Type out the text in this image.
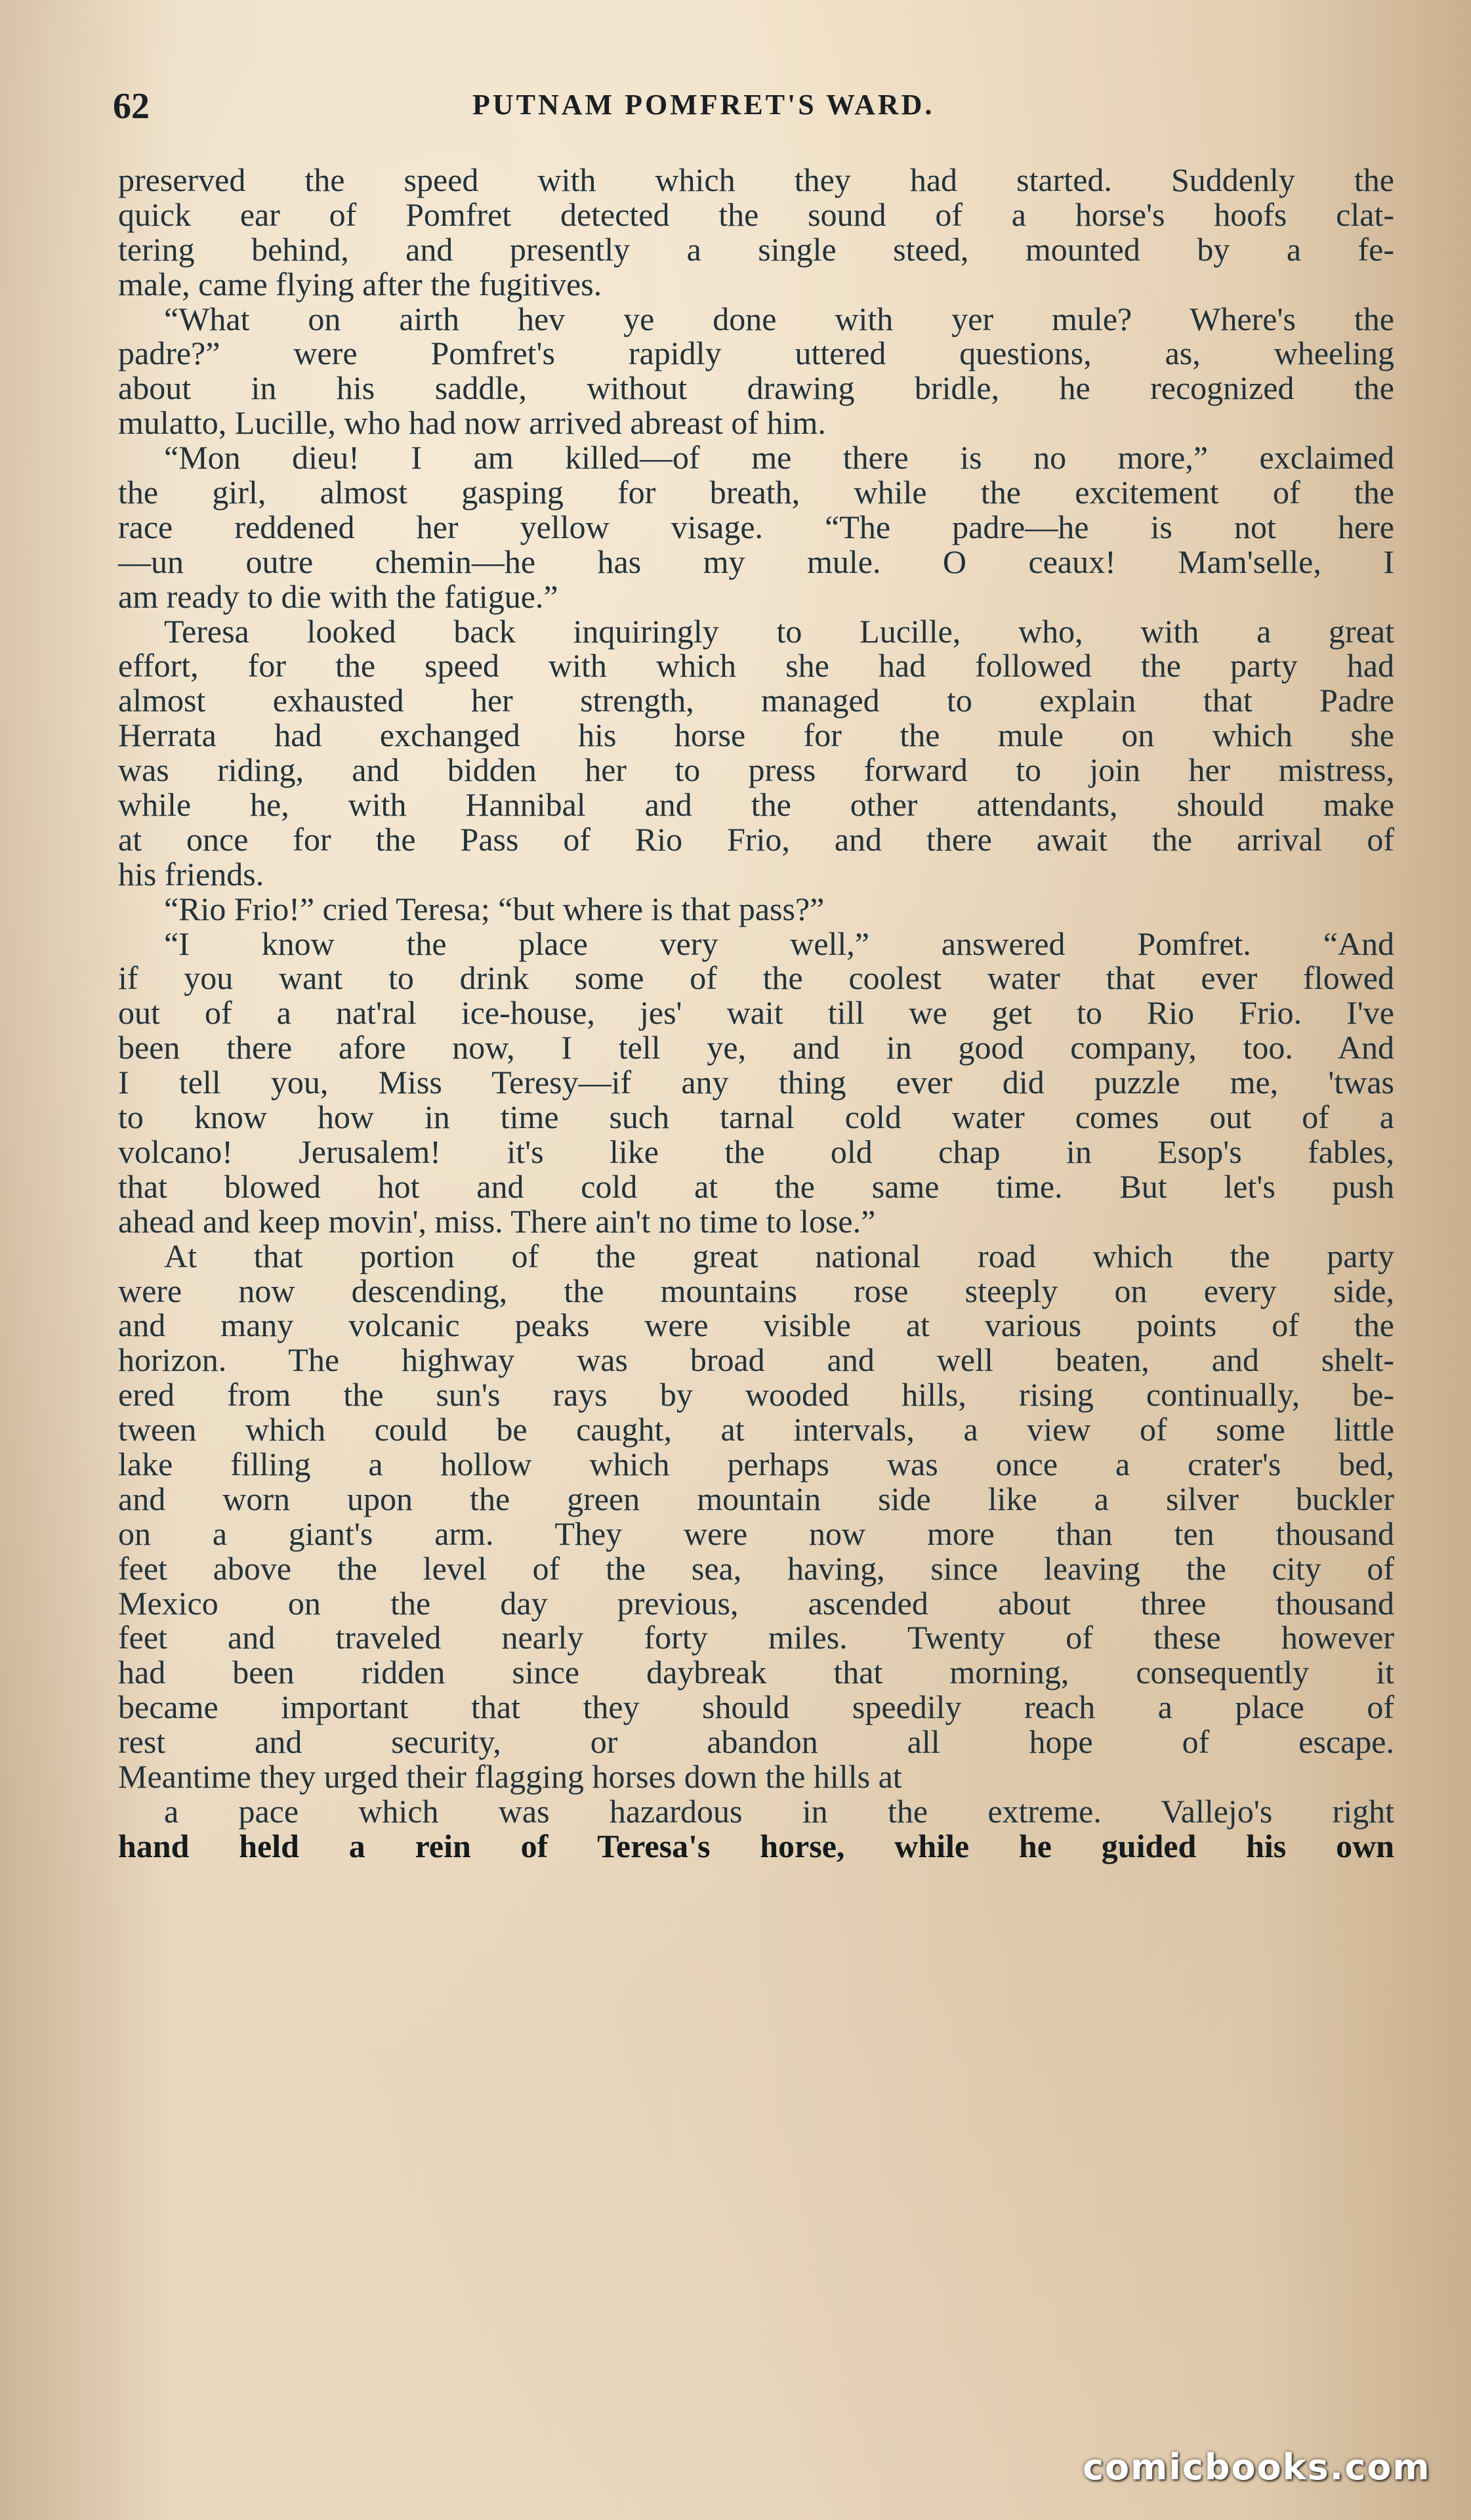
62	PUTNAM POMFRET'S WARD.
preserved the speed with which they had started. Suddenly the
quick ear of Pomfret detected the sound of a horse's hoofs clat-
tering behind, and presently a single steed, mounted by a fe-
male, came flying after the fugitives.
“What on airth hev ye done with yer mule? Where's the
padre?” were Pomfret's rapidly uttered questions, as, wheeling
about in his saddle, without drawing bridle, he recognized the
mulatto, Lucille, who had now arrived abreast of him.
“Mon dieu! I am killed—of me there is no more,” exclaimed
the girl, almost gasping for breath, while the excitement of the
race reddened her yellow visage. “The padre—he is not here
—un outre chemin—he has my mule. O ceaux! Mam'selle, I
am ready to die with the fatigue.”
Teresa looked back inquiringly to Lucille, who, with a great
effort, for the speed with which she had followed the party had
almost exhausted her strength, managed to explain that Padre
Herrata had exchanged his horse for the mule on which she
was riding, and bidden her to press forward to join her mistress,
while he, with Hannibal and the other attendants, should make
at once for the Pass of Rio Frio, and there await the arrival of
his friends.
“Rio Frio!” cried Teresa; “but where is that pass?”
“I know the place very well,” answered Pomfret. “And
if you want to drink some of the coolest water that ever flowed
out of a nat'ral ice-house, jes' wait till we get to Rio Frio. I've
been there afore now, I tell ye, and in good company, too. And
I tell you, Miss Teresy—if any thing ever did puzzle me, 'twas
to know how in time such tarnal cold water comes out of a
volcano! Jerusalem! it's like the old chap in Esop's fables,
that blowed hot and cold at the same time. But let's push
ahead and keep movin', miss. There ain't no time to lose.”
At that portion of the great national road which the party
were now descending, the mountains rose steeply on every side,
and many volcanic peaks were visible at various points of the
horizon. The highway was broad and well beaten, and shelt-
ered from the sun's rays by wooded hills, rising continually, be-
tween which could be caught, at intervals, a view of some little
lake filling a hollow which perhaps was once a crater's bed,
and worn upon the green mountain side like a silver buckler
on a giant's arm. They were now more than ten thousand
feet above the level of the sea, having, since leaving the city of
Mexico on the day previous, ascended about three thousand
feet and traveled nearly forty miles. Twenty of these however
had been ridden since daybreak that morning, consequently it
became important that they should speedily reach a place of
rest and security, or abandon all hope of escape.
Meantime they urged their flagging horses down the hills at
a pace which was hazardous in the extreme. Vallejo's right
hand held a rein of Teresa's horse, while he guided his own
comicbooks.com
